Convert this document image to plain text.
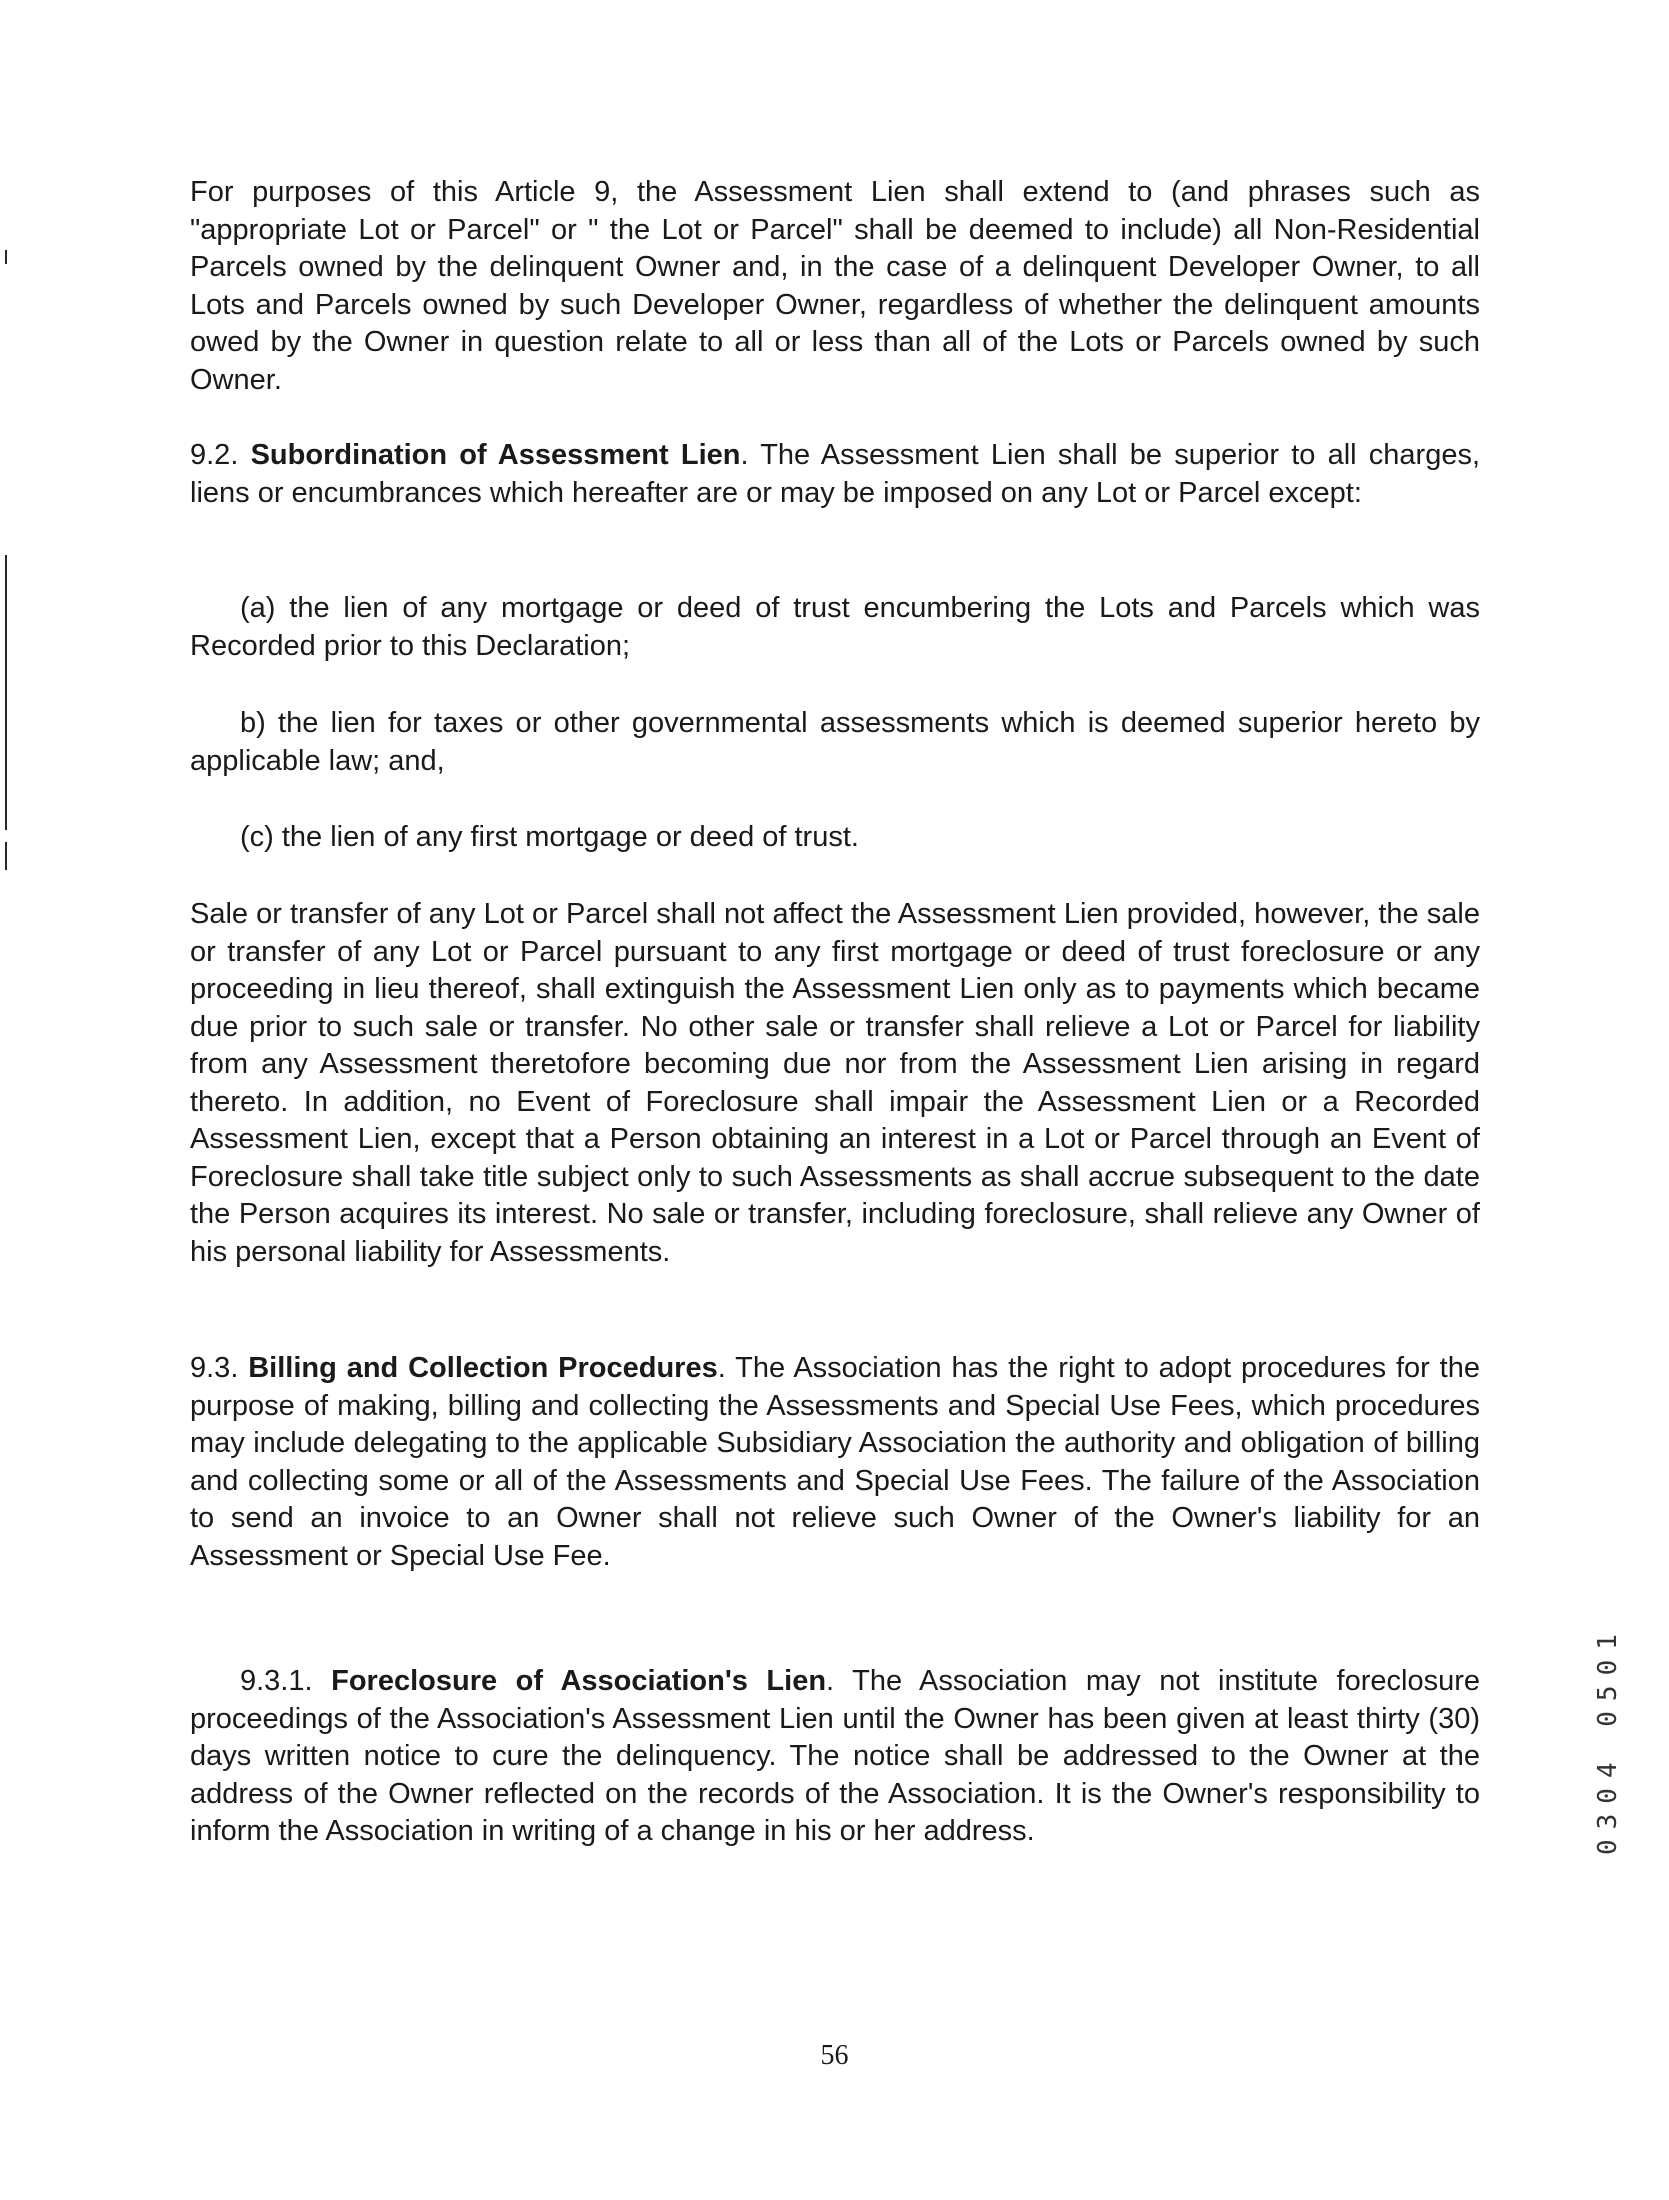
For purposes of this Article 9, the Assessment Lien shall extend to (and phrases such as "appropriate Lot or Parcel" or " the Lot or Parcel" shall be deemed to include) all Non-Residential Parcels owned by the delinquent Owner and, in the case of a delinquent Developer Owner, to all Lots and Parcels owned by such Developer Owner, regardless of whether the delinquent amounts owed by the Owner in question relate to all or less than all of the Lots or Parcels owned by such Owner.

9.2. Subordination of Assessment Lien. The Assessment Lien shall be superior to all charges, liens or encumbrances which hereafter are or may be imposed on any Lot or Parcel except:

(a) the lien of any mortgage or deed of trust encumbering the Lots and Parcels which was Recorded prior to this Declaration;

b) the lien for taxes or other governmental assessments which is deemed superior hereto by applicable law; and,

(c) the lien of any first mortgage or deed of trust.

Sale or transfer of any Lot or Parcel shall not affect the Assessment Lien provided, however, the sale or transfer of any Lot or Parcel pursuant to any first mortgage or deed of trust foreclosure or any proceeding in lieu thereof, shall extinguish the Assessment Lien only as to payments which became due prior to such sale or transfer. No other sale or transfer shall relieve a Lot or Parcel for liability from any Assessment theretofore becoming due nor from the Assessment Lien arising in regard thereto. In addition, no Event of Foreclosure shall impair the Assessment Lien or a Recorded Assessment Lien, except that a Person obtaining an interest in a Lot or Parcel through an Event of Foreclosure shall take title subject only to such Assessments as shall accrue subsequent to the date the Person acquires its interest. No sale or transfer, including foreclosure, shall relieve any Owner of his personal liability for Assessments.

9.3. Billing and Collection Procedures. The Association has the right to adopt procedures for the purpose of making, billing and collecting the Assessments and Special Use Fees, which procedures may include delegating to the applicable Subsidiary Association the authority and obligation of billing and collecting some or all of the Assessments and Special Use Fees. The failure of the Association to send an invoice to an Owner shall not relieve such Owner of the Owner's liability for an Assessment or Special Use Fee.

9.3.1. Foreclosure of Association's Lien. The Association may not institute foreclosure proceedings of the Association's Assessment Lien until the Owner has been given at least thirty (30) days written notice to cure the delinquency. The notice shall be addressed to the Owner at the address of the Owner reflected on the records of the Association. It is the Owner's responsibility to inform the Association in writing of a change in his or her address.	0304 0501

56
